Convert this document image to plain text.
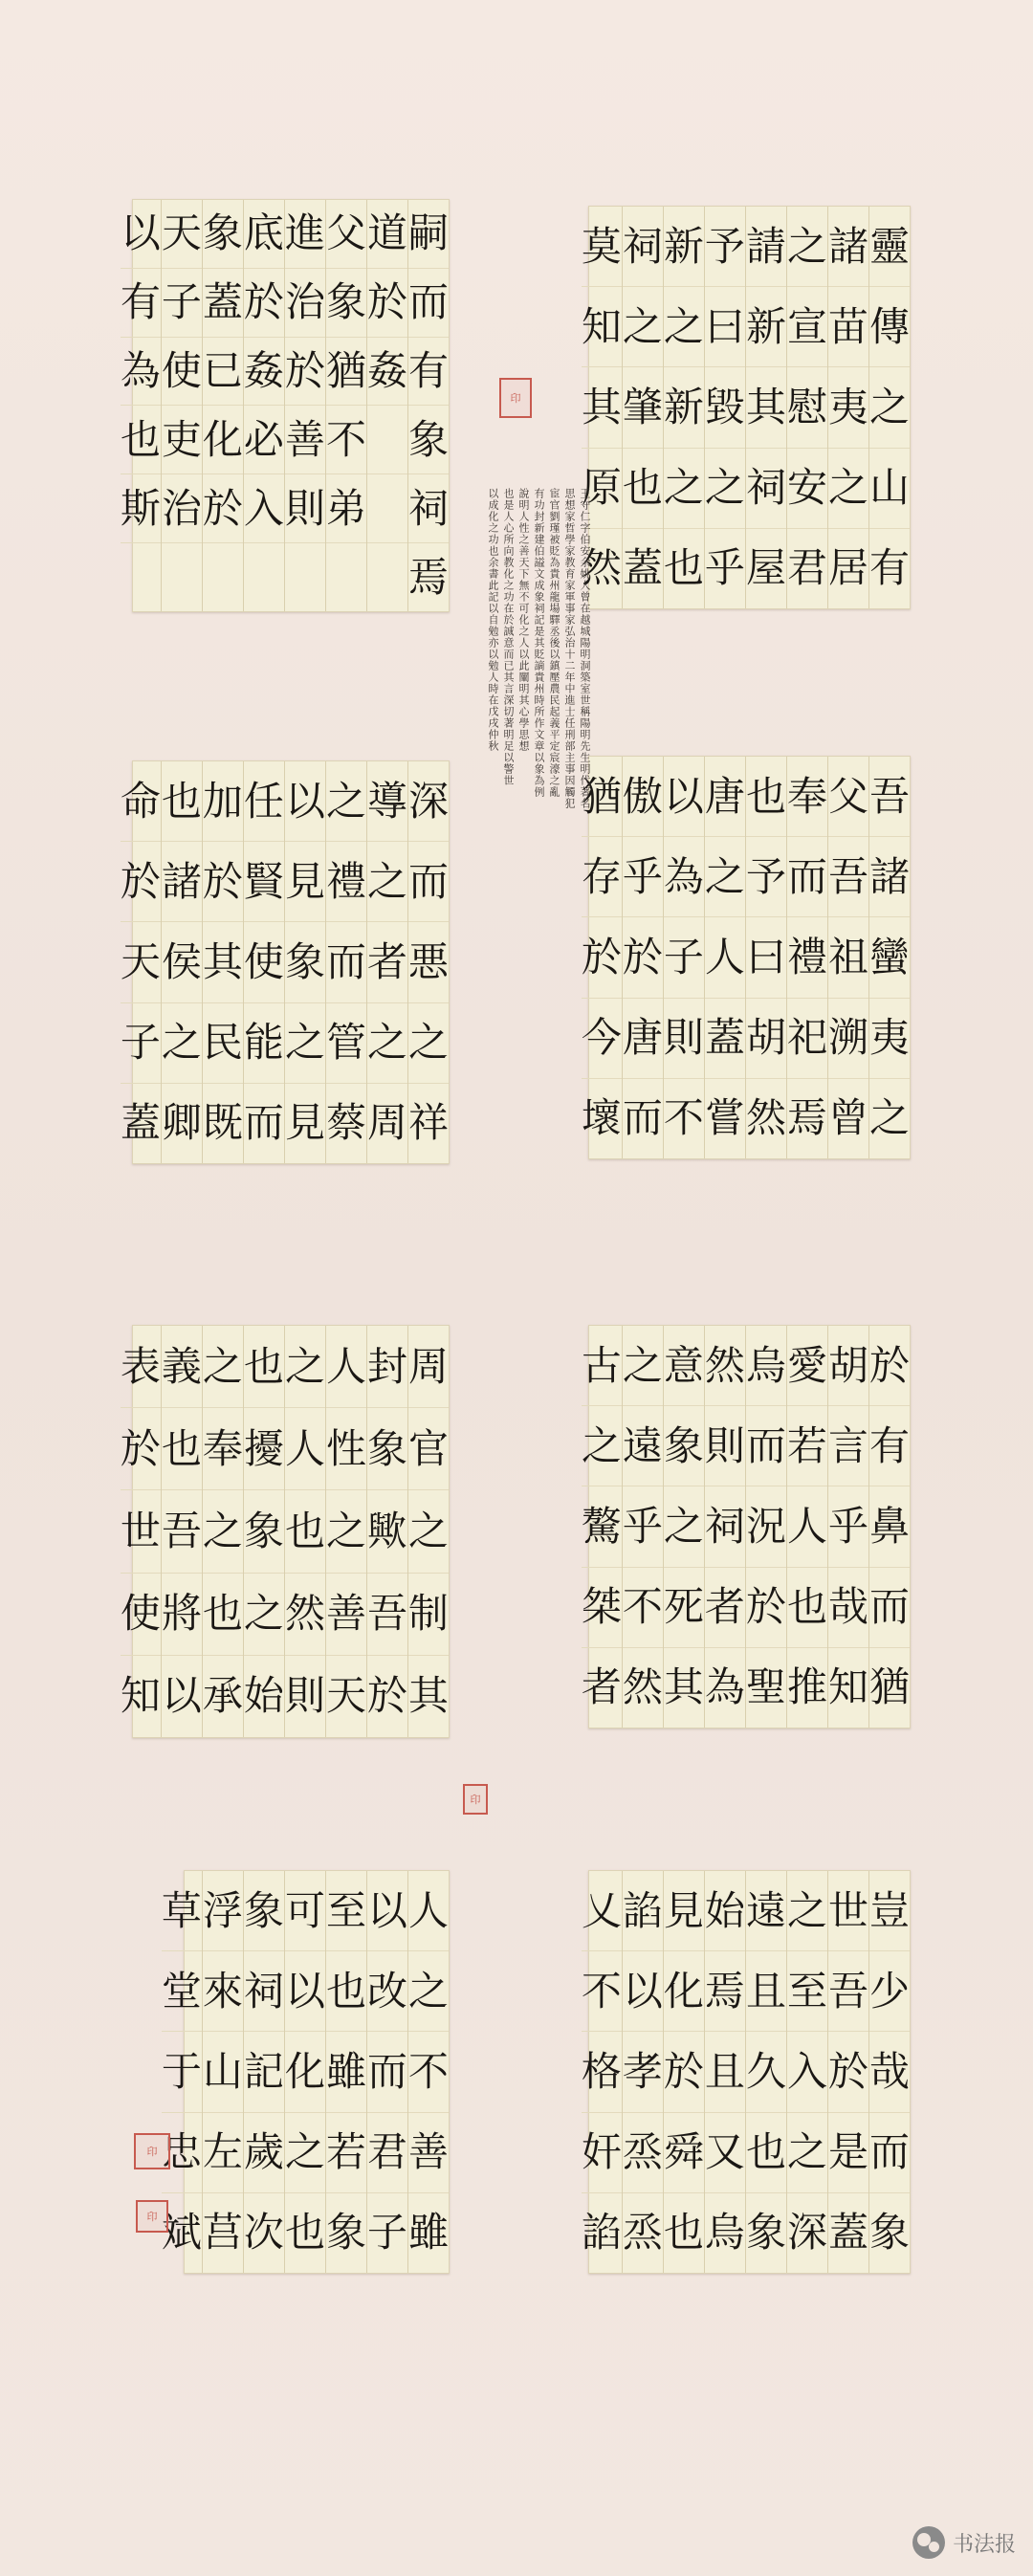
靈
傳
之
山
有
諸
苗
夷
之
居
之
宣
慰
安
君
請
新
其
祠
屋
予
曰
毀
之
乎
新
之
新
之
也
祠
之
肇
也
蓋
莫
知
其
原
然
嗣
而
有
象
祠
焉
道
於
姦
父
象
猶
不
弟
進
治
於
善
則
底
於
姦
必
入
象
蓋
已
化
於
天
子
使
吏
治
以
有
為
也
斯
吾
諸
蠻
夷
之
父
吾
祖
溯
曾
奉
而
禮
祀
焉
也
予
曰
胡
然
唐
之
人
蓋
嘗
以
為
子
則
不
傲
乎
於
唐
而
猶
存
於
今
壞
深
而
悪
之
祥
導
之
者
之
周
之
禮
而
管
蔡
以
見
象
之
見
任
賢
使
能
而
加
於
其
民
既
也
諸
侯
之
卿
命
於
天
子
蓋
於
有
鼻
而
猶
胡
言
乎
哉
知
愛
若
人
也
推
烏
而
況
於
聖
然
則
祠
者
為
意
象
之
死
其
之
遠
乎
不
然
古
之
驁
桀
者
周
官
之
制
其
封
象
歟
吾
於
人
性
之
善
天
之
人
也
然
則
也
擾
象
之
始
之
奉
之
也
承
義
也
吾
將
以
表
於
世
使
知
豈
少
哉
而
象
世
吾
於
是
蓋
之
至
入
之
深
遠
且
久
也
象
始
焉
且
又
烏
見
化
於
舜
也
諂
以
孝
烝
烝
乂
不
格
奸
諂
人
之
不
善
雖
以
改
而
君
子
至
也
雖
若
象
可
以
化
之
也
象
祠
記
歲
次
浮
來
山
左
莒
草
堂
于
忠
斌
王守仁字伯安余姚人曾在越城陽明洞築室世稱陽明先生明代著名
思想家哲學家教育家軍事家弘治十二年中進士任刑部主事因觸犯
宦官劉瑾被貶為貴州龍場驛丞後以鎮壓農民起義平定宸濠之亂
有功封新建伯謚文成象祠記是其貶謫貴州時所作文章以象為例
說明人性之善天下無不可化之人以此闡明其心學思想
也是人心所向教化之功在於誠意而已其言深切著明足以警世
以成化之功也余書此記以自勉亦以勉人時在戊戌仲秋
印
印
印
印
书法报
